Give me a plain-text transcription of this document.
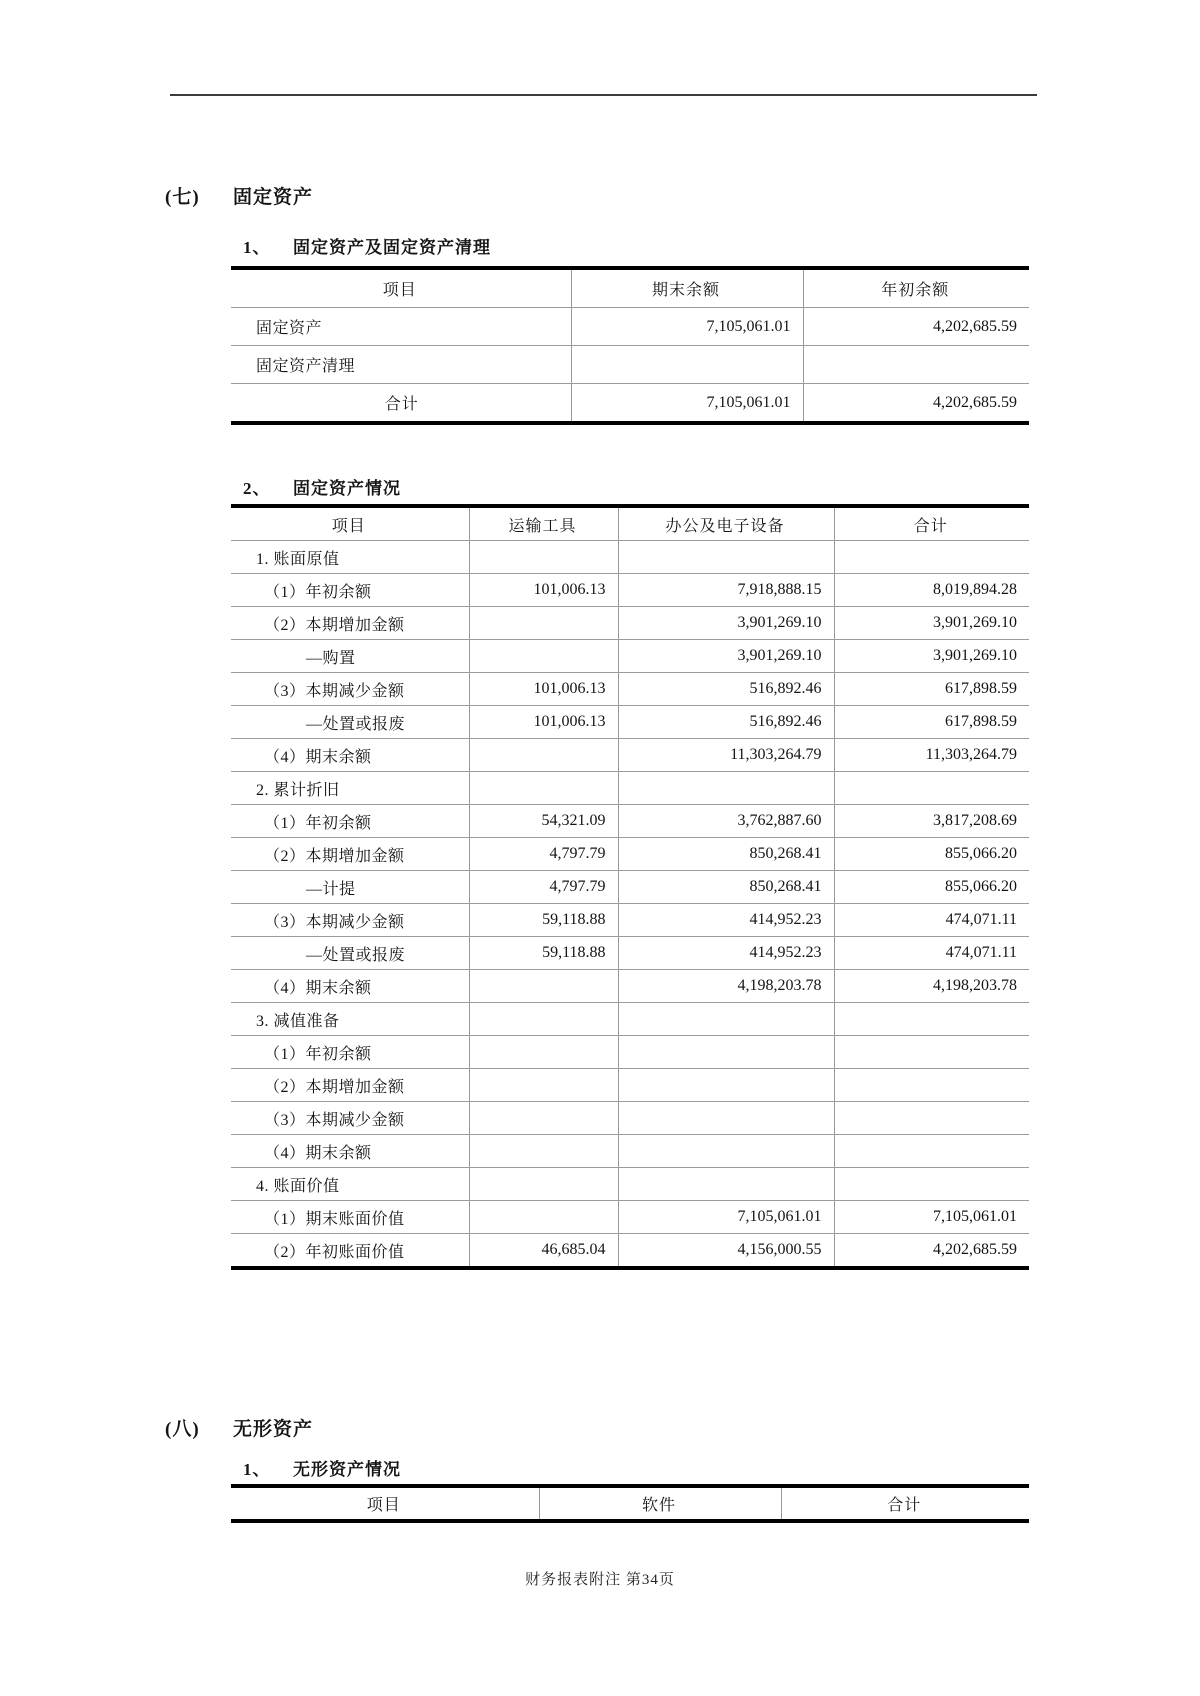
(七) 固定资产
1、 固定资产及固定资产清理
项目	期末余额	年初余额
固定资产	7,105,061.01	4,202,685.59
固定资产清理		
合计	7,105,061.01	4,202,685.59
2、 固定资产情况
项目	运输工具	办公及电子设备	合计
1. 账面原值			
（1）年初余额	101,006.13	7,918,888.15	8,019,894.28
（2）本期增加金额		3,901,269.10	3,901,269.10
—购置		3,901,269.10	3,901,269.10
（3）本期减少金额	101,006.13	516,892.46	617,898.59
—处置或报废	101,006.13	516,892.46	617,898.59
（4）期末余额		11,303,264.79	11,303,264.79
2. 累计折旧			
（1）年初余额	54,321.09	3,762,887.60	3,817,208.69
（2）本期增加金额	4,797.79	850,268.41	855,066.20
—计提	4,797.79	850,268.41	855,066.20
（3）本期减少金额	59,118.88	414,952.23	474,071.11
—处置或报废	59,118.88	414,952.23	474,071.11
（4）期末余额		4,198,203.78	4,198,203.78
3. 减值准备			
（1）年初余额			
（2）本期增加金额			
（3）本期减少金额			
（4）期末余额			
4. 账面价值			
（1）期末账面价值		7,105,061.01	7,105,061.01
（2）年初账面价值	46,685.04	4,156,000.55	4,202,685.59
(八) 无形资产
1、 无形资产情况
项目	软件	合计
财务报表附注 第34页
